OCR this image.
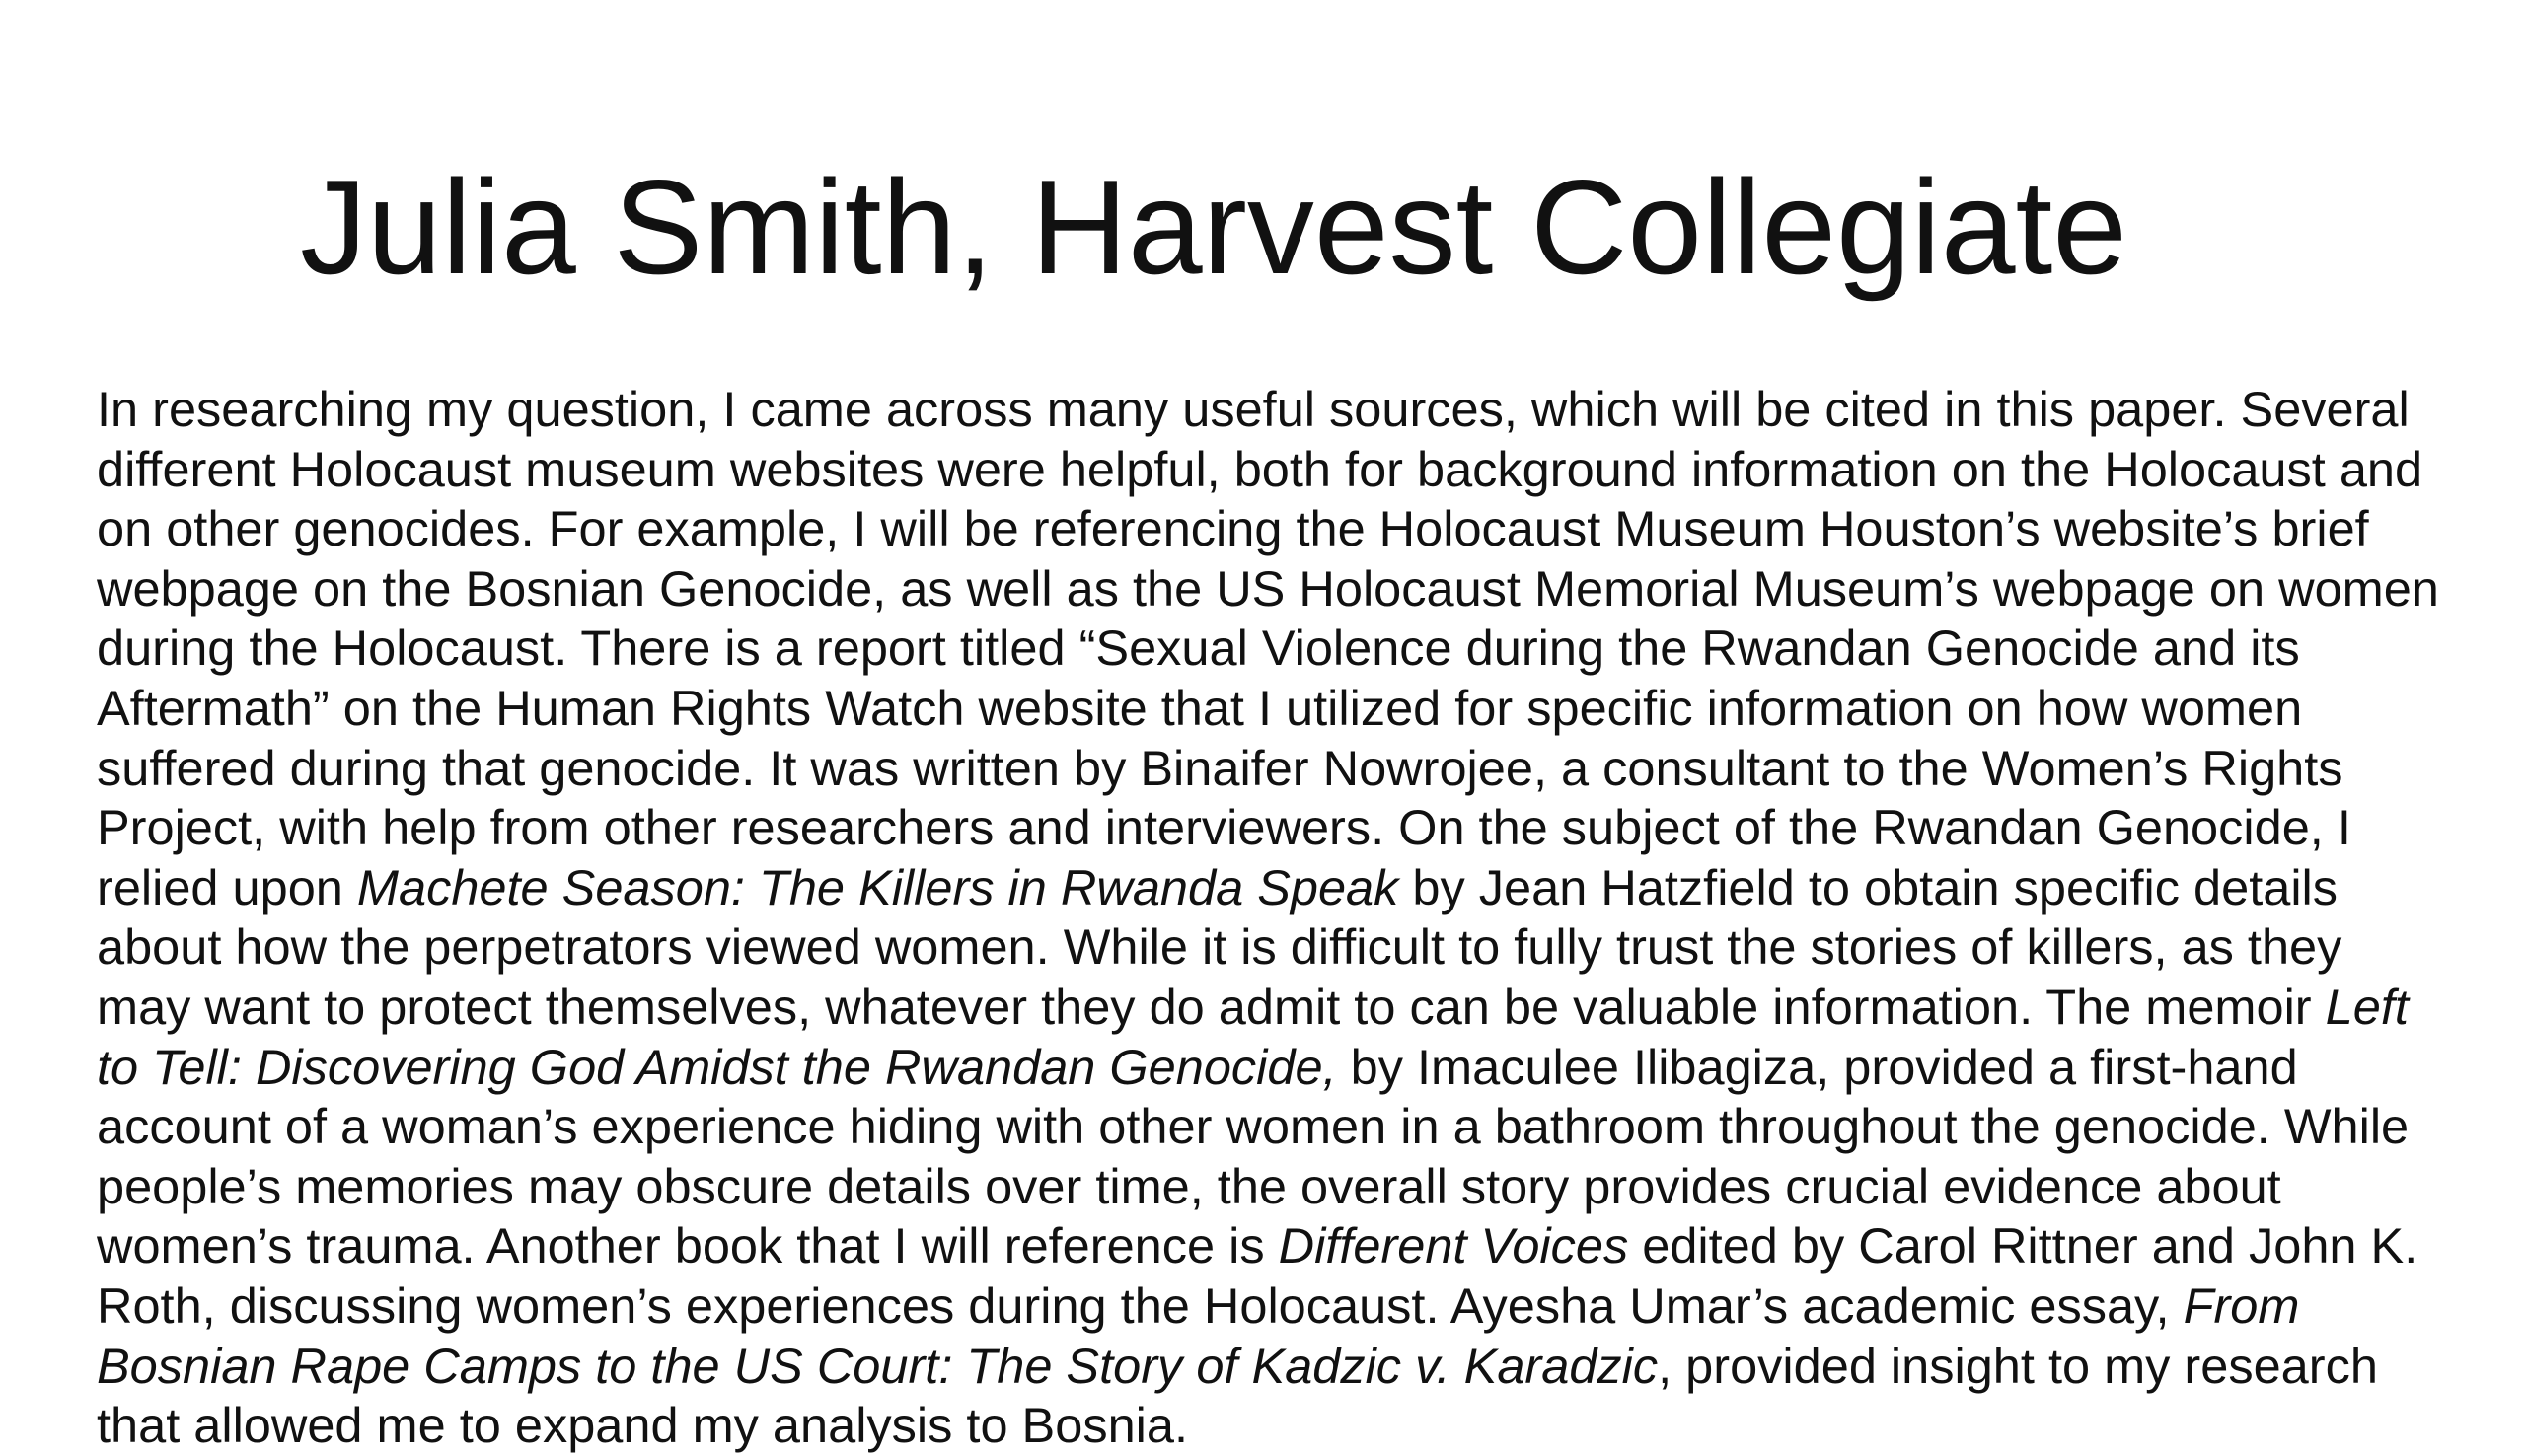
Julia Smith, Harvest Collegiate
In researching my question, I came across many useful sources, which will be cited in this paper. Several
different Holocaust museum websites were helpful, both for background information on the Holocaust and
on other genocides. For example, I will be referencing the Holocaust Museum Houston’s website’s brief
webpage on the Bosnian Genocide, as well as the US Holocaust Memorial Museum’s webpage on women
during the Holocaust. There is a report titled “Sexual Violence during the Rwandan Genocide and its
Aftermath” on the Human Rights Watch website that I utilized for specific information on how women
suffered during that genocide. It was written by Binaifer Nowrojee, a consultant to the Women’s Rights
Project, with help from other researchers and interviewers. On the subject of the Rwandan Genocide, I
relied upon Machete Season: The Killers in Rwanda Speak by Jean Hatzfield to obtain specific details
about how the perpetrators viewed women. While it is difficult to fully trust the stories of killers, as they
may want to protect themselves, whatever they do admit to can be valuable information. The memoir Left
to Tell: Discovering God Amidst the Rwandan Genocide, by Imaculee Ilibagiza, provided a first-hand
account of a woman’s experience hiding with other women in a bathroom throughout the genocide. While
people’s memories may obscure details over time, the overall story provides crucial evidence about
women’s trauma. Another book that I will reference is Different Voices edited by Carol Rittner and John K.
Roth, discussing women’s experiences during the Holocaust. Ayesha Umar’s academic essay, From
Bosnian Rape Camps to the US Court: The Story of Kadzic v. Karadzic, provided insight to my research
that allowed me to expand my analysis to Bosnia.
